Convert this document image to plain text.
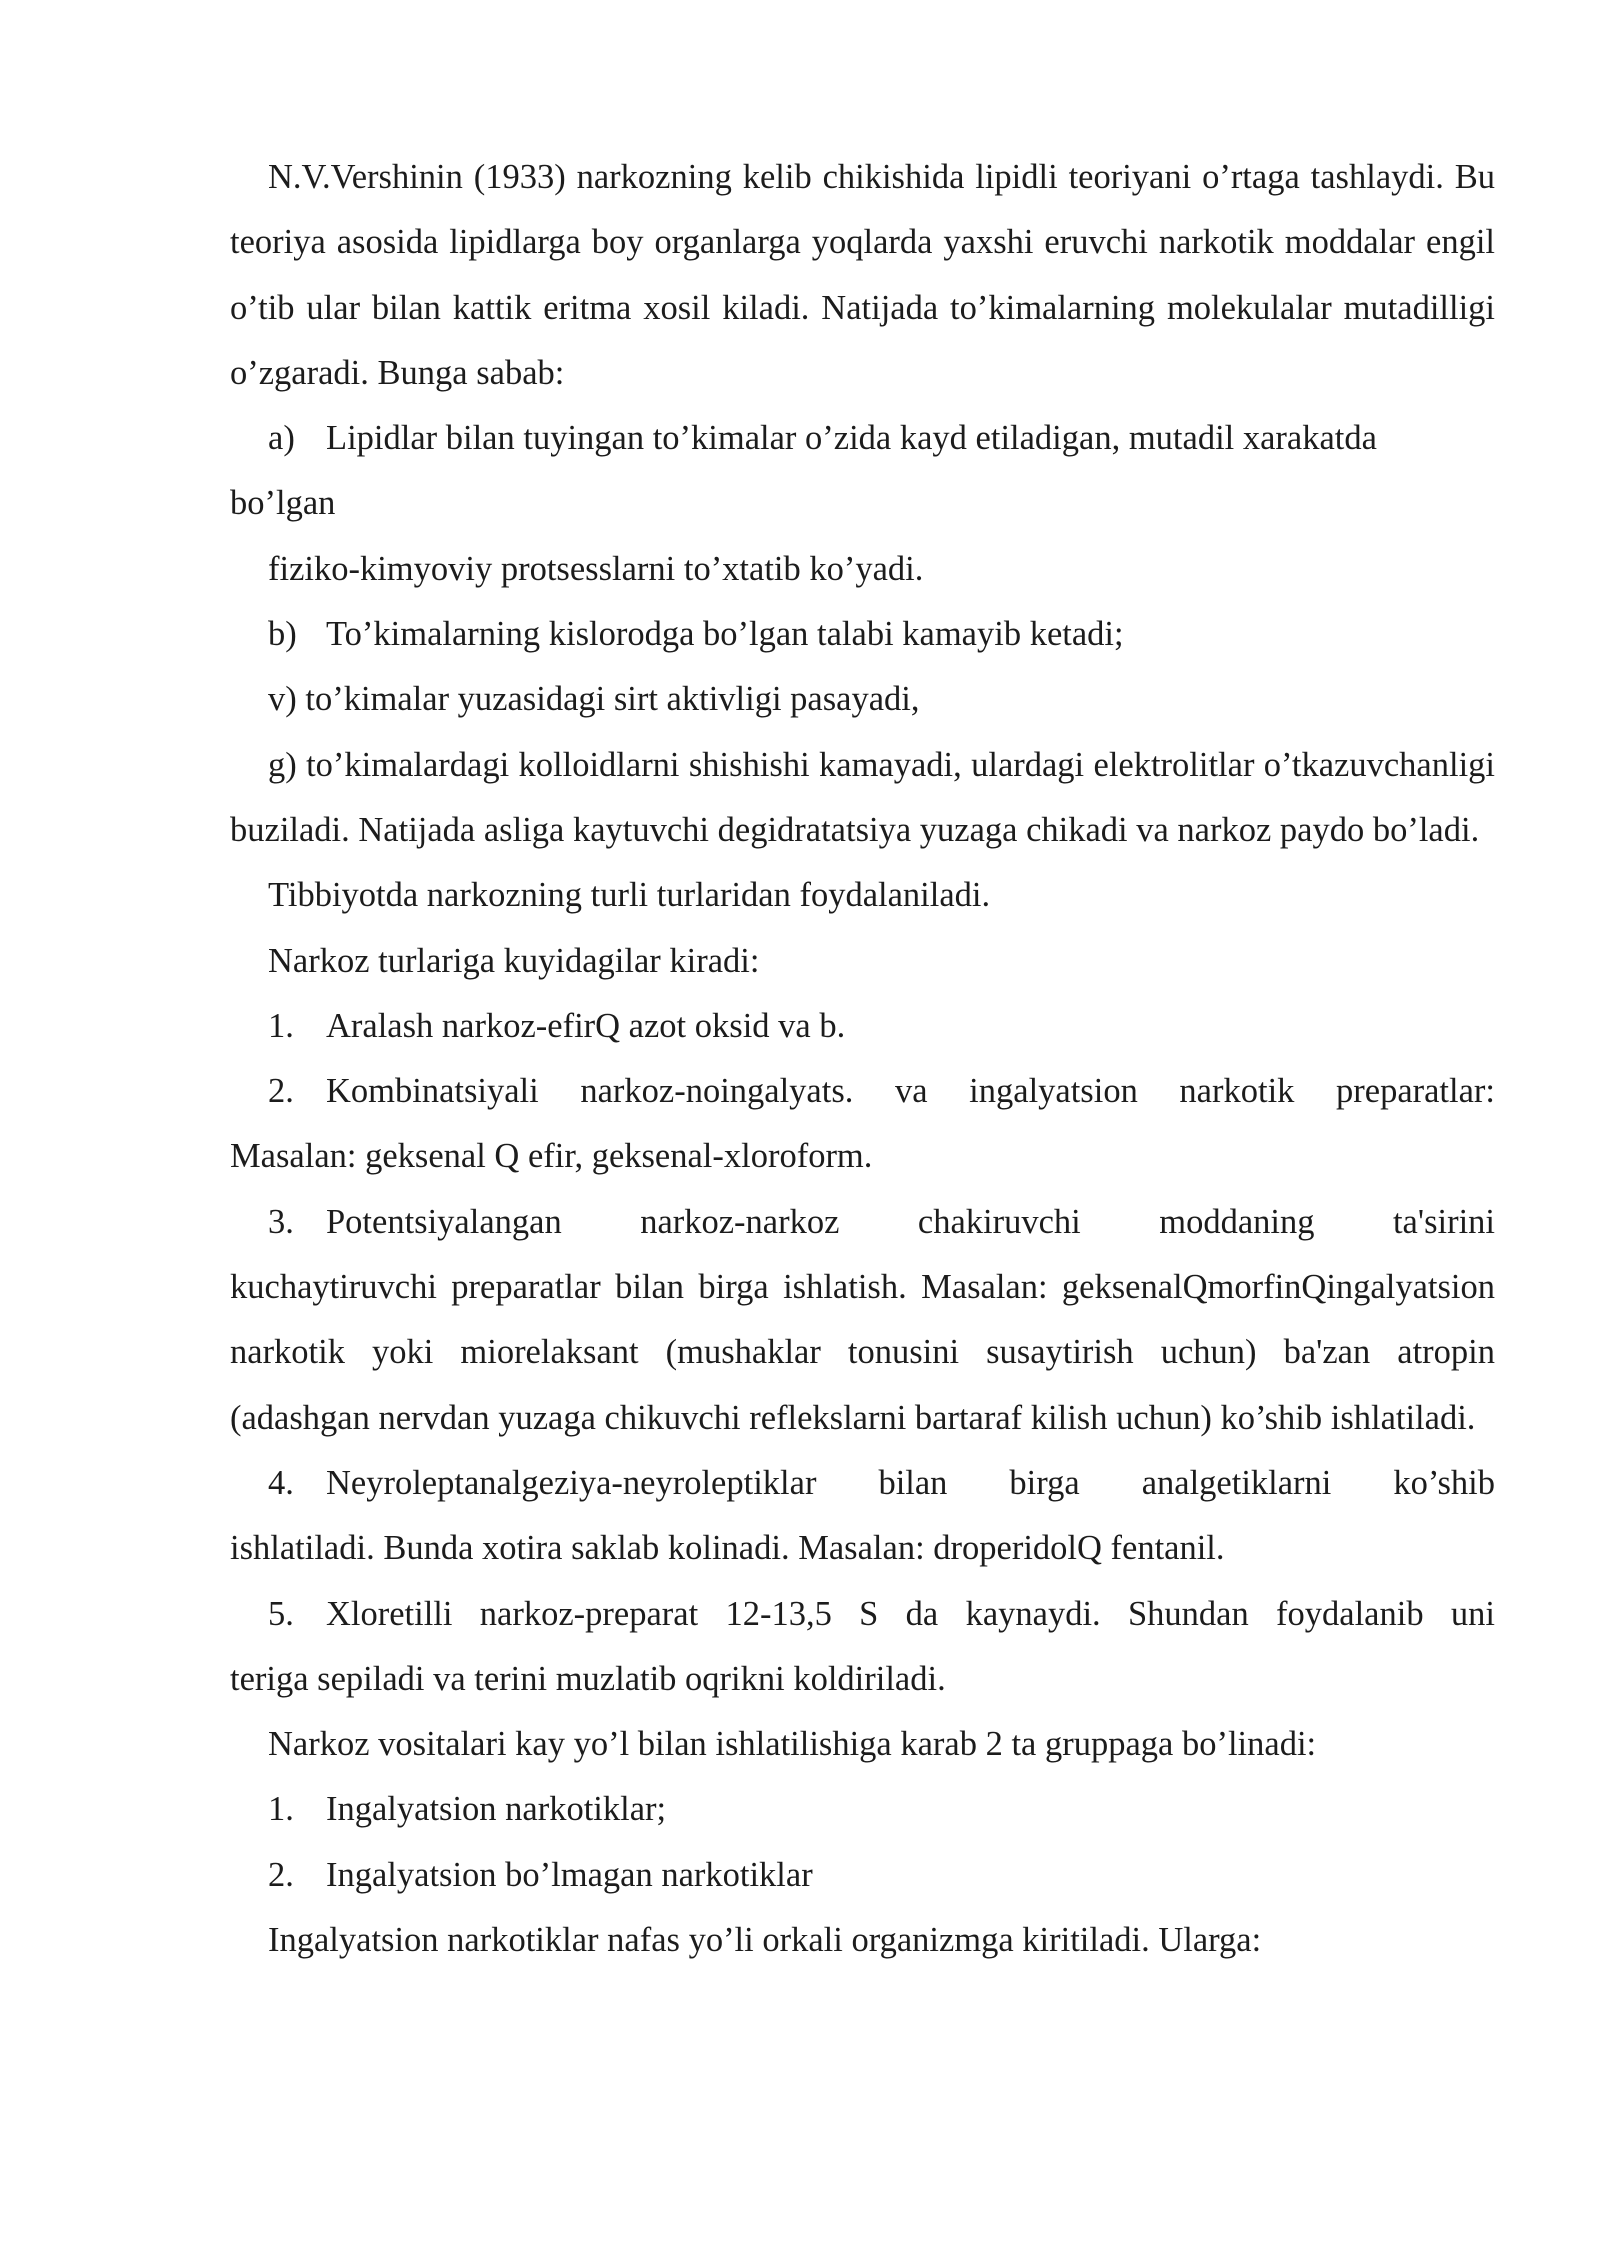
N.V.Vershinin (1933) narkozning kelib chikishida lipidli teoriyani o’rtaga tashlaydi. Bu teoriya asosida lipidlarga boy organlarga yoqlarda yaxshi eruvchi narkotik moddalar engil o’tib ular bilan kattik eritma xosil kiladi. Natijada to’kimalarning molekulalar mutadilligi o’zgaradi. Bunga sabab:

a) Lipidlar bilan tuyingan to’kimalar o’zida kayd etiladigan, mutadil xarakatda

bo’lgan

fiziko-kimyoviy protsesslarni to’xtatib ko’yadi.

b) To’kimalarning kislorodga bo’lgan talabi kamayib ketadi;

v) to’kimalar yuzasidagi sirt aktivligi pasayadi,

g) to’kimalardagi kolloidlarni shishishi kamayadi, ulardagi elektrolitlar o’tkazuvchanligi buziladi. Natijada asliga kaytuvchi degidratatsiya yuzaga chikadi va narkoz paydo bo’ladi.

Tibbiyotda narkozning turli turlaridan foydalaniladi.

Narkoz turlariga kuyidagilar kiradi:

1. Aralash narkoz-efirQ azot oksid va b.
2. Kombinatsiyali narkoz-noingalyats. va ingalyatsion narkotik preparatlar:

Masalan: geksenal Q efir, geksenal-xloroform.

3. Potentsiyalangan narkoz-narkoz chakiruvchi moddaning ta'sirini

kuchaytiruvchi preparatlar bilan birga ishlatish. Masalan: geksenalQmorfinQingalyatsion narkotik yoki miorelaksant (mushaklar tonusini susaytirish uchun) ba'zan atropin (adashgan nervdan yuzaga chikuvchi reflekslarni bartaraf kilish uchun) ko’shib ishlatiladi.

4. Neyroleptanalgeziya-neyroleptiklar bilan birga analgetiklarni ko’shib

ishlatiladi. Bunda xotira saklab kolinadi. Masalan: droperidolQ fentanil.

5. Xloretilli narkoz-preparat 12-13,5 S da kaynaydi. Shundan foydalanib uni

teriga sepiladi va terini muzlatib oqrikni koldiriladi.

Narkoz vositalari kay yo’l bilan ishlatilishiga karab 2 ta gruppaga bo’linadi:

1. Ingalyatsion narkotiklar;
2. Ingalyatsion bo’lmagan narkotiklar

Ingalyatsion narkotiklar nafas yo’li orkali organizmga kiritiladi. Ularga:
